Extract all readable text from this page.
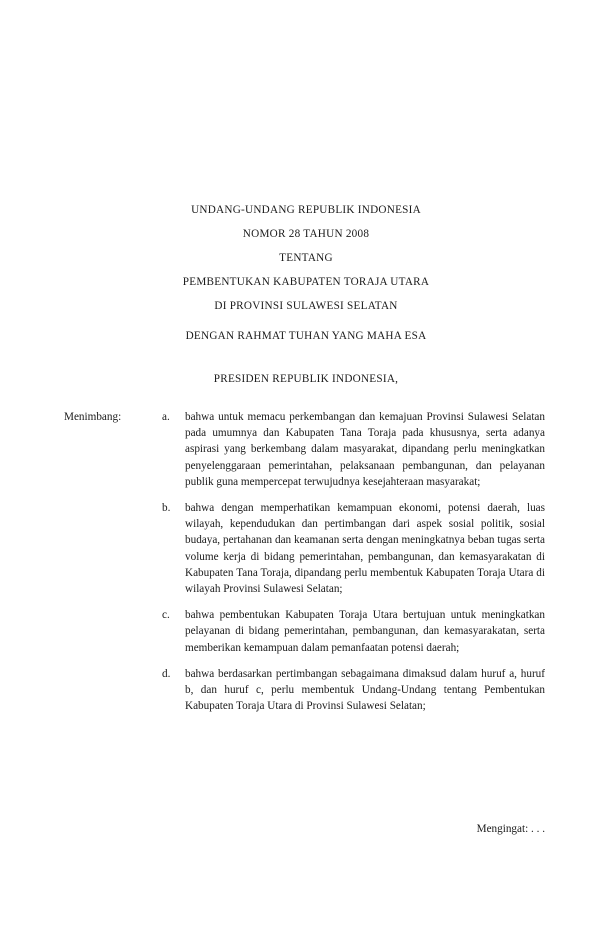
UNDANG-UNDANG REPUBLIK INDONESIA
NOMOR 28 TAHUN 2008
TENTANG
PEMBENTUKAN KABUPATEN TORAJA UTARA
DI PROVINSI SULAWESI SELATAN
DENGAN RAHMAT TUHAN YANG MAHA ESA
PRESIDEN REPUBLIK INDONESIA,
Menimbang:	a.	bahwa untuk memacu perkembangan dan kemajuan Provinsi Sulawesi Selatan pada umumnya dan Kabupaten Tana Toraja pada khususnya, serta adanya aspirasi yang berkembang dalam masyarakat, dipandang perlu meningkatkan penyelenggaraan pemerintahan, pelaksanaan pembangunan, dan pelayanan publik guna mempercepat terwujudnya kesejahteraan masyarakat;
b.	bahwa dengan memperhatikan kemampuan ekonomi, potensi daerah, luas wilayah, kependudukan dan pertimbangan dari aspek sosial politik, sosial budaya, pertahanan dan keamanan serta dengan meningkatnya beban tugas serta volume kerja di bidang pemerintahan, pembangunan, dan kemasyarakatan di Kabupaten Tana Toraja, dipandang perlu membentuk Kabupaten Toraja Utara di wilayah Provinsi Sulawesi Selatan;
c.	bahwa pembentukan Kabupaten Toraja Utara bertujuan untuk meningkatkan pelayanan di bidang pemerintahan, pembangunan, dan kemasyarakatan, serta memberikan kemampuan dalam pemanfaatan potensi daerah;
d.	bahwa berdasarkan pertimbangan sebagaimana dimaksud dalam huruf a, huruf b, dan huruf c, perlu membentuk Undang-Undang tentang Pembentukan Kabupaten Toraja Utara di Provinsi Sulawesi Selatan;
Mengingat: . . .
